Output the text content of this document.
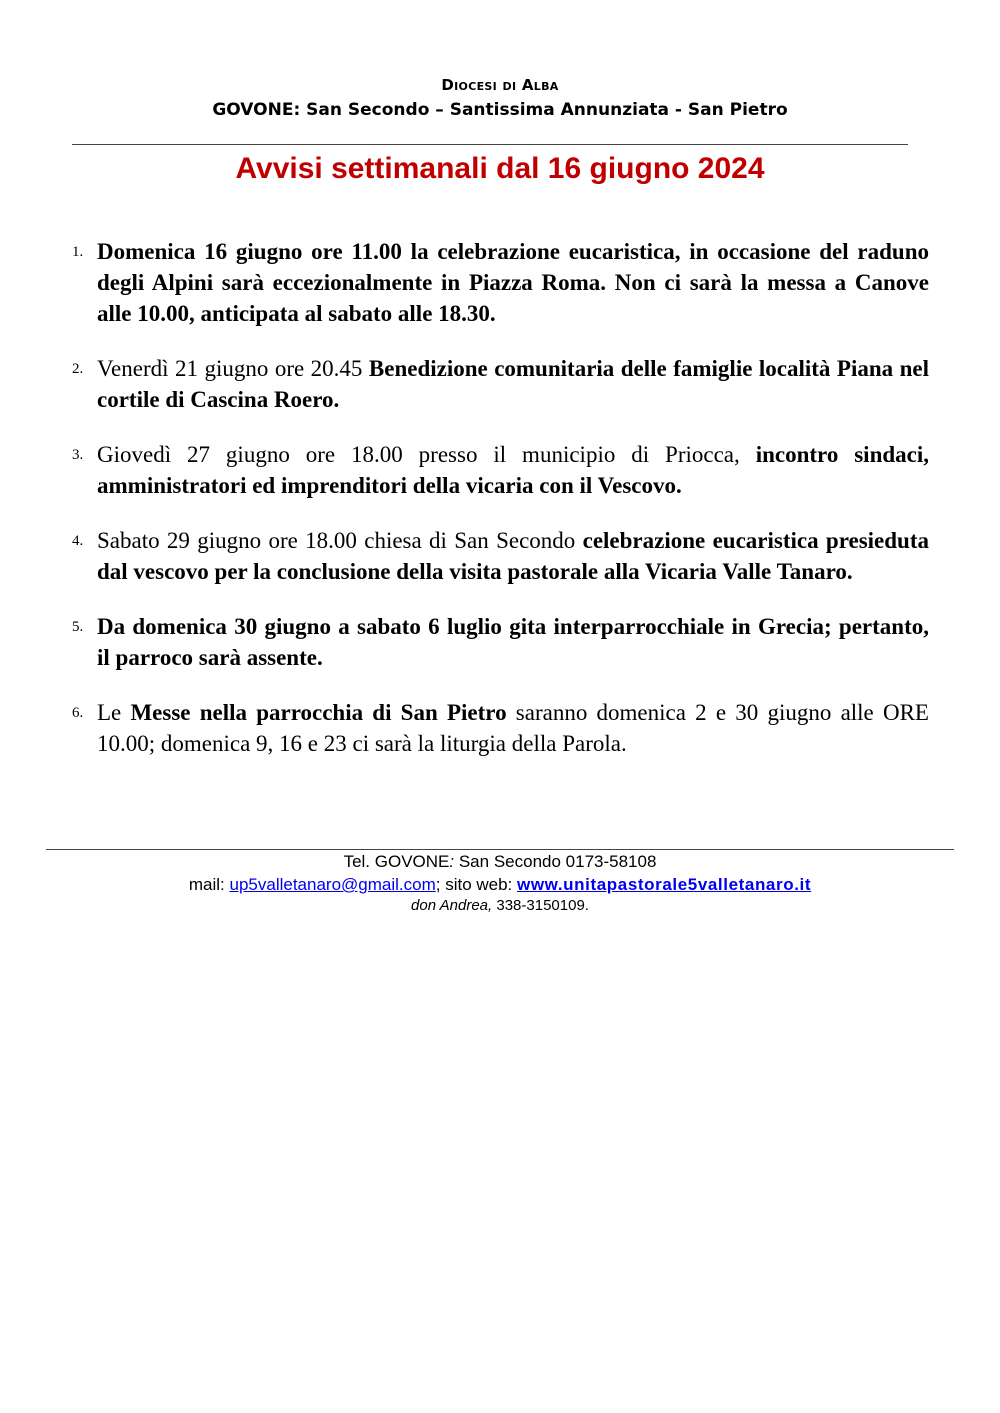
Diocesi di Alba
GOVONE: San Secondo – Santissima Annunziata - San Pietro
Avvisi settimanali dal 16 giugno 2024
1. Domenica 16 giugno ore 11.00 la celebrazione eucaristica, in occasione del raduno degli Alpini sarà eccezionalmente in Piazza Roma. Non ci sarà la messa a Canove alle 10.00, anticipata al sabato alle 18.30.
2. Venerdì 21 giugno ore 20.45 Benedizione comunitaria delle famiglie località Piana nel cortile di Cascina Roero.
3. Giovedì 27 giugno ore 18.00 presso il municipio di Priocca, incontro sindaci, amministratori ed imprenditori della vicaria con il Vescovo.
4. Sabato 29 giugno ore 18.00 chiesa di San Secondo celebrazione eucaristica presieduta dal vescovo per la conclusione della visita pastorale alla Vicaria Valle Tanaro.
5. Da domenica 30 giugno a sabato 6 luglio gita interparrocchiale in Grecia; pertanto, il parroco sarà assente.
6. Le Messe nella parrocchia di San Pietro saranno domenica 2 e 30 giugno alle ORE 10.00; domenica 9, 16 e 23 ci sarà la liturgia della Parola.
Tel. GOVONE: San Secondo 0173-58108
mail: up5valletanaro@gmail.com; sito web: www.unitapastorale5valletanaro.it
don Andrea, 338-3150109.
